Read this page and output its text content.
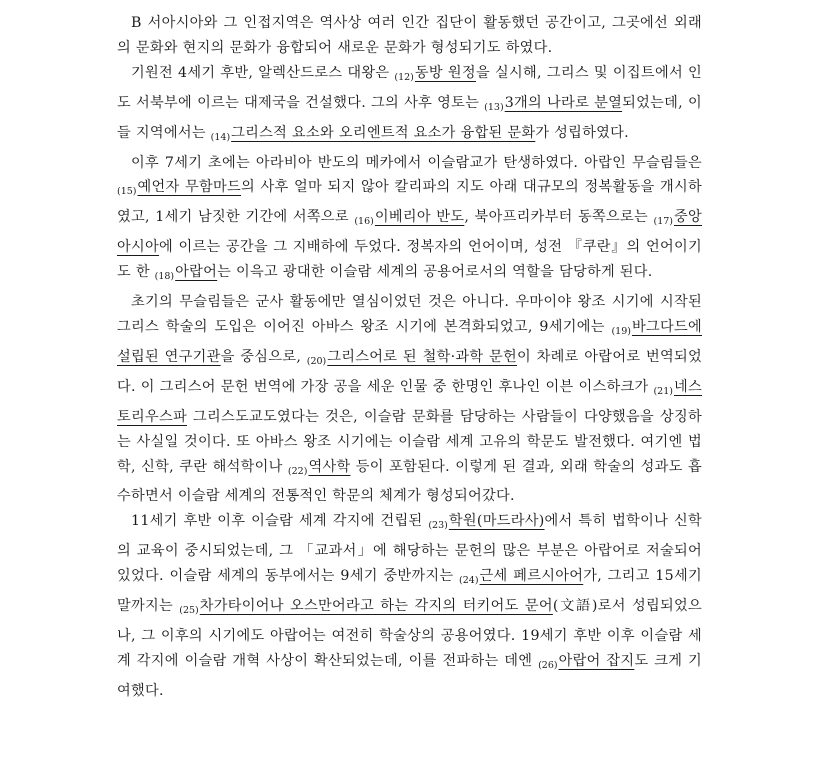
B 서아시아와 그 인접지역은 역사상 여러 인간 집단이 활동했던 공간이고, 그곳에선 외래의 문화와 현지의 문화가 융합되어 새로운 문화가 형성되기도 하였다.

기원전 4세기 후반, 알렉산드로스 대왕은 $_{(12)}$동방 원정을 실시해, 그리스 및 이집트에서 인도 서북부에 이르는 대제국을 건설했다. 그의 사후 영토는 $_{(13)}$3개의 나라로 분열되었는데, 이들 지역에서는 $_{(14)}$그리스적 요소와 오리엔트적 요소가 융합된 문화가 성립하였다.

이후 7세기 초에는 아라비아 반도의 메카에서 이슬람교가 탄생하였다. 아랍인 무슬림들은 $_{(15)}$예언자 무함마드의 사후 얼마 되지 않아 칼리파의 지도 아래 대규모의 정복활동을 개시하였고, 1세기 남짓한 기간에 서쪽으로 $_{(16)}$이베리아 반도, 북아프리카부터 동쪽으로는 $_{(17)}$중앙아시아에 이르는 공간을 그 지배하에 두었다. 정복자의 언어이며, 성전 『쿠란』의 언어이기도 한 $_{(18)}$아랍어는 이윽고 광대한 이슬람 세계의 공용어로서의 역할을 담당하게 된다.

초기의 무슬림들은 군사 활동에만 열심이었던 것은 아니다. 우마이야 왕조 시기에 시작된 그리스 학술의 도입은 이어진 아바스 왕조 시기에 본격화되었고, 9세기에는 $_{(19)}$바그다드에 설립된 연구기관을 중심으로, $_{(20)}$그리스어로 된 철학·과학 문헌이 차례로 아랍어로 번역되었다. 이 그리스어 문헌 번역에 가장 공을 세운 인물 중 한명인 후나인 이븐 이스하크가 $_{(21)}$네스토리우스파 그리스도교도였다는 것은, 이슬람 문화를 담당하는 사람들이 다양했음을 상징하는 사실일 것이다. 또 아바스 왕조 시기에는 이슬람 세계 고유의 학문도 발전했다. 여기엔 법학, 신학, 쿠란 해석학이나 $_{(22)}$역사학 등이 포함된다. 이렇게 된 결과, 외래 학술의 성과도 흡수하면서 이슬람 세계의 전통적인 학문의 체계가 형성되어갔다.

11세기 후반 이후 이슬람 세계 각지에 건립된 $_{(23)}$학원(마드라사)에서 특히 법학이나 신학의 교육이 중시되었는데, 그 「교과서」에 해당하는 문헌의 많은 부분은 아랍어로 저술되어 있었다. 이슬람 세계의 동부에서는 9세기 중반까지는 $_{(24)}$근세 페르시아어가, 그리고 15세기 말까지는 $_{(25)}$차가타이어나 오스만어라고 하는 각지의 터키어도 문어(文語)로서 성립되었으나, 그 이후의 시기에도 아랍어는 여전히 학술상의 공용어였다. 19세기 후반 이후 이슬람 세계 각지에 이슬람 개혁 사상이 확산되었는데, 이를 전파하는 데엔 $_{(26)}$아랍어 잡지도 크게 기여했다.
